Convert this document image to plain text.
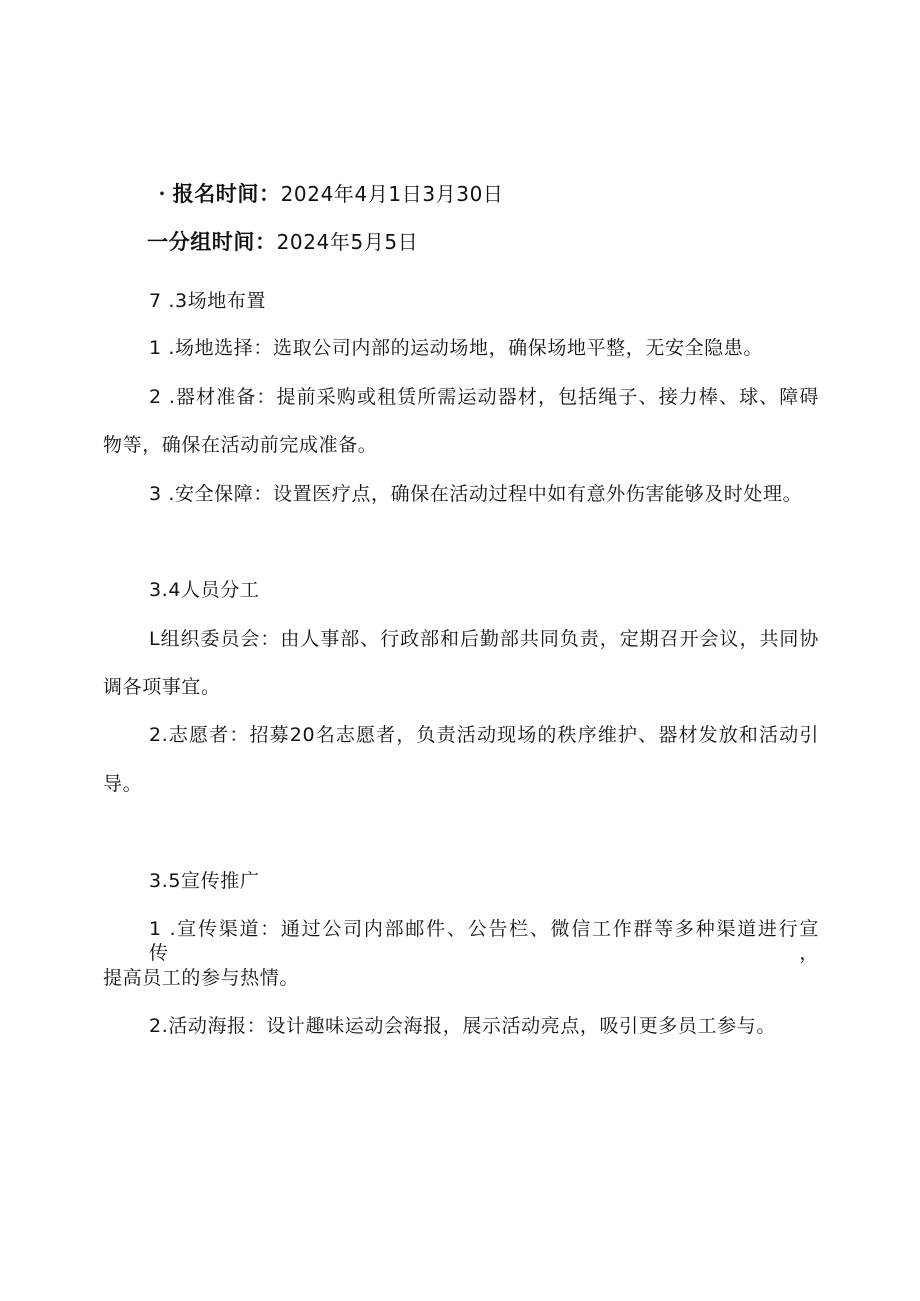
・报名时间：2024年4月1日3月30日
一分组时间：2024年5月5日
7 .3场地布置
1 .场地选择：选取公司内部的运动场地，确保场地平整，无安全隐患。
2 .器材准备：提前采购或租赁所需运动器材，包括绳子、接力棒、球、障碍
物等，确保在活动前完成准备。
3 .安全保障：设置医疗点，确保在活动过程中如有意外伤害能够及时处理。
3.4人员分工
L组织委员会：由人事部、行政部和后勤部共同负责，定期召开会议，共同协
调各项事宜。
2.志愿者：招募20名志愿者，负责活动现场的秩序维护、器材发放和活动引
导。
3.5宣传推广
1 .宣传渠道：通过公司内部邮件、公告栏、微信工作群等多种渠道进行宣传，
提高员工的参与热情。
2.活动海报：设计趣味运动会海报，展示活动亮点，吸引更多员工参与。
